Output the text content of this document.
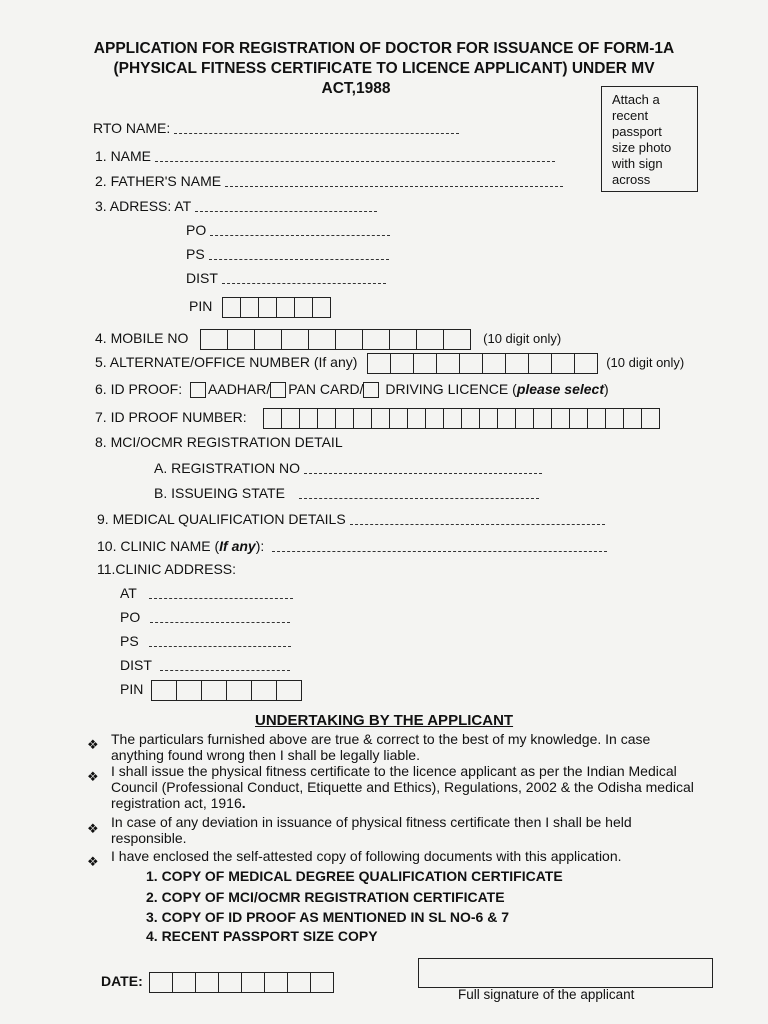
APPLICATION FOR REGISTRATION OF DOCTOR FOR ISSUANCE OF FORM-1A
(PHYSICAL FITNESS CERTIFICATE TO LICENCE APPLICANT) UNDER MV
ACT,1988
Attach a
recent
passport
size photo
with sign
across
RTO NAME:
1. NAME
2. FATHER'S NAME
3. ADRESS: AT
PO
PS
DIST
PIN
4. MOBILE NO	(10 digit only)
5. ALTERNATE/OFFICE NUMBER (If any)	(10 digit only)
6. ID PROOF: AADHAR/ PAN CARD/ DRIVING LICENCE (please select)
7. ID PROOF NUMBER:
8. MCI/OCMR REGISTRATION DETAIL
A. REGISTRATION NO
B. ISSUEING STATE
9. MEDICAL QUALIFICATION DETAILS
10. CLINIC NAME (If any):
11.CLINIC ADDRESS:
AT
PO
PS
DIST
PIN
UNDERTAKING BY THE APPLICANT
❖ The particulars furnished above are true & correct to the best of my knowledge. In case anything found wrong then I shall be legally liable.
❖ I shall issue the physical fitness certificate to the licence applicant as per the Indian Medical Council (Professional Conduct, Etiquette and Ethics), Regulations, 2002 & the Odisha medical registration act, 1916.
❖ In case of any deviation in issuance of physical fitness certificate then I shall be held responsible.
❖ I have enclosed the self-attested copy of following documents with this application.
1. COPY OF MEDICAL DEGREE QUALIFICATION CERTIFICATE
2. COPY OF MCI/OCMR REGISTRATION CERTIFICATE
3. COPY OF ID PROOF AS MENTIONED IN SL NO-6 & 7
4. RECENT PASSPORT SIZE COPY
DATE:
Full signature of the applicant
